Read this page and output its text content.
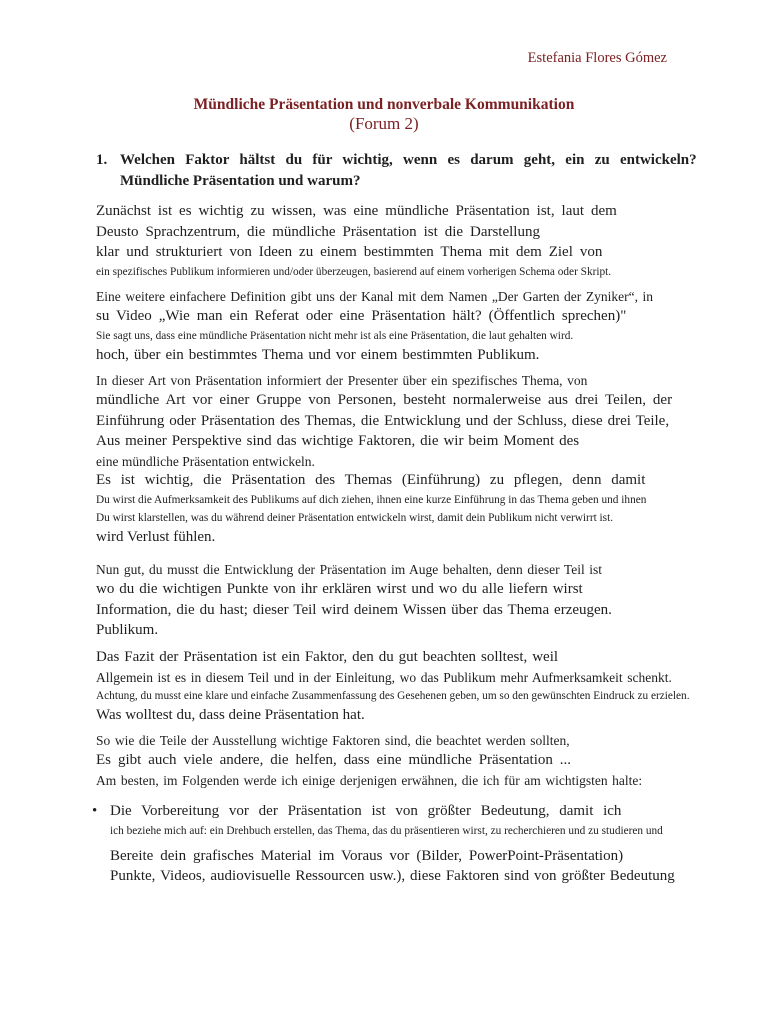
Estefania Flores Gómez
Mündliche Präsentation und nonverbale Kommunikation
(Forum 2)
1. Welchen Faktor hältst du für wichtig, wenn es darum geht, ein zu entwickeln?
Mündliche Präsentation und warum?
Zunächst ist es wichtig zu wissen, was eine mündliche Präsentation ist, laut dem
Deusto Sprachzentrum, die mündliche Präsentation ist die Darstellung
klar und strukturiert von Ideen zu einem bestimmten Thema mit dem Ziel von
ein spezifisches Publikum informieren und/oder überzeugen, basierend auf einem vorherigen Schema oder Skript.
Eine weitere einfachere Definition gibt uns der Kanal mit dem Namen „Der Garten der Zyniker“, in
su Video „Wie man ein Referat oder eine Präsentation hält? (Öffentlich sprechen)"
Sie sagt uns, dass eine mündliche Präsentation nicht mehr ist als eine Präsentation, die laut gehalten wird.
hoch, über ein bestimmtes Thema und vor einem bestimmten Publikum.
In dieser Art von Präsentation informiert der Presenter über ein spezifisches Thema, von
mündliche Art vor einer Gruppe von Personen, besteht normalerweise aus drei Teilen, der
Einführung oder Präsentation des Themas, die Entwicklung und der Schluss, diese drei Teile,
Aus meiner Perspektive sind das wichtige Faktoren, die wir beim Moment des
eine mündliche Präsentation entwickeln.
Es ist wichtig, die Präsentation des Themas (Einführung) zu pflegen, denn damit
Du wirst die Aufmerksamkeit des Publikums auf dich ziehen, ihnen eine kurze Einführung in das Thema geben und ihnen
Du wirst klarstellen, was du während deiner Präsentation entwickeln wirst, damit dein Publikum nicht verwirrt ist.
wird Verlust fühlen.
Nun gut, du musst die Entwicklung der Präsentation im Auge behalten, denn dieser Teil ist
wo du die wichtigen Punkte von ihr erklären wirst und wo du alle liefern wirst
Information, die du hast; dieser Teil wird deinem Wissen über das Thema erzeugen.
Publikum.
Das Fazit der Präsentation ist ein Faktor, den du gut beachten solltest, weil
Allgemein ist es in diesem Teil und in der Einleitung, wo das Publikum mehr Aufmerksamkeit schenkt.
Achtung, du musst eine klare und einfache Zusammenfassung des Gesehenen geben, um so den gewünschten Eindruck zu erzielen.
Was wolltest du, dass deine Präsentation hat.
So wie die Teile der Ausstellung wichtige Faktoren sind, die beachtet werden sollten,
Es gibt auch viele andere, die helfen, dass eine mündliche Präsentation ...
Am besten, im Folgenden werde ich einige derjenigen erwähnen, die ich für am wichtigsten halte:
• Die Vorbereitung vor der Präsentation ist von größter Bedeutung, damit ich
ich beziehe mich auf: ein Drehbuch erstellen, das Thema, das du präsentieren wirst, zu recherchieren und zu studieren und
Bereite dein grafisches Material im Voraus vor (Bilder, PowerPoint-Präsentation)
Punkte, Videos, audiovisuelle Ressourcen usw.), diese Faktoren sind von größter Bedeutung
